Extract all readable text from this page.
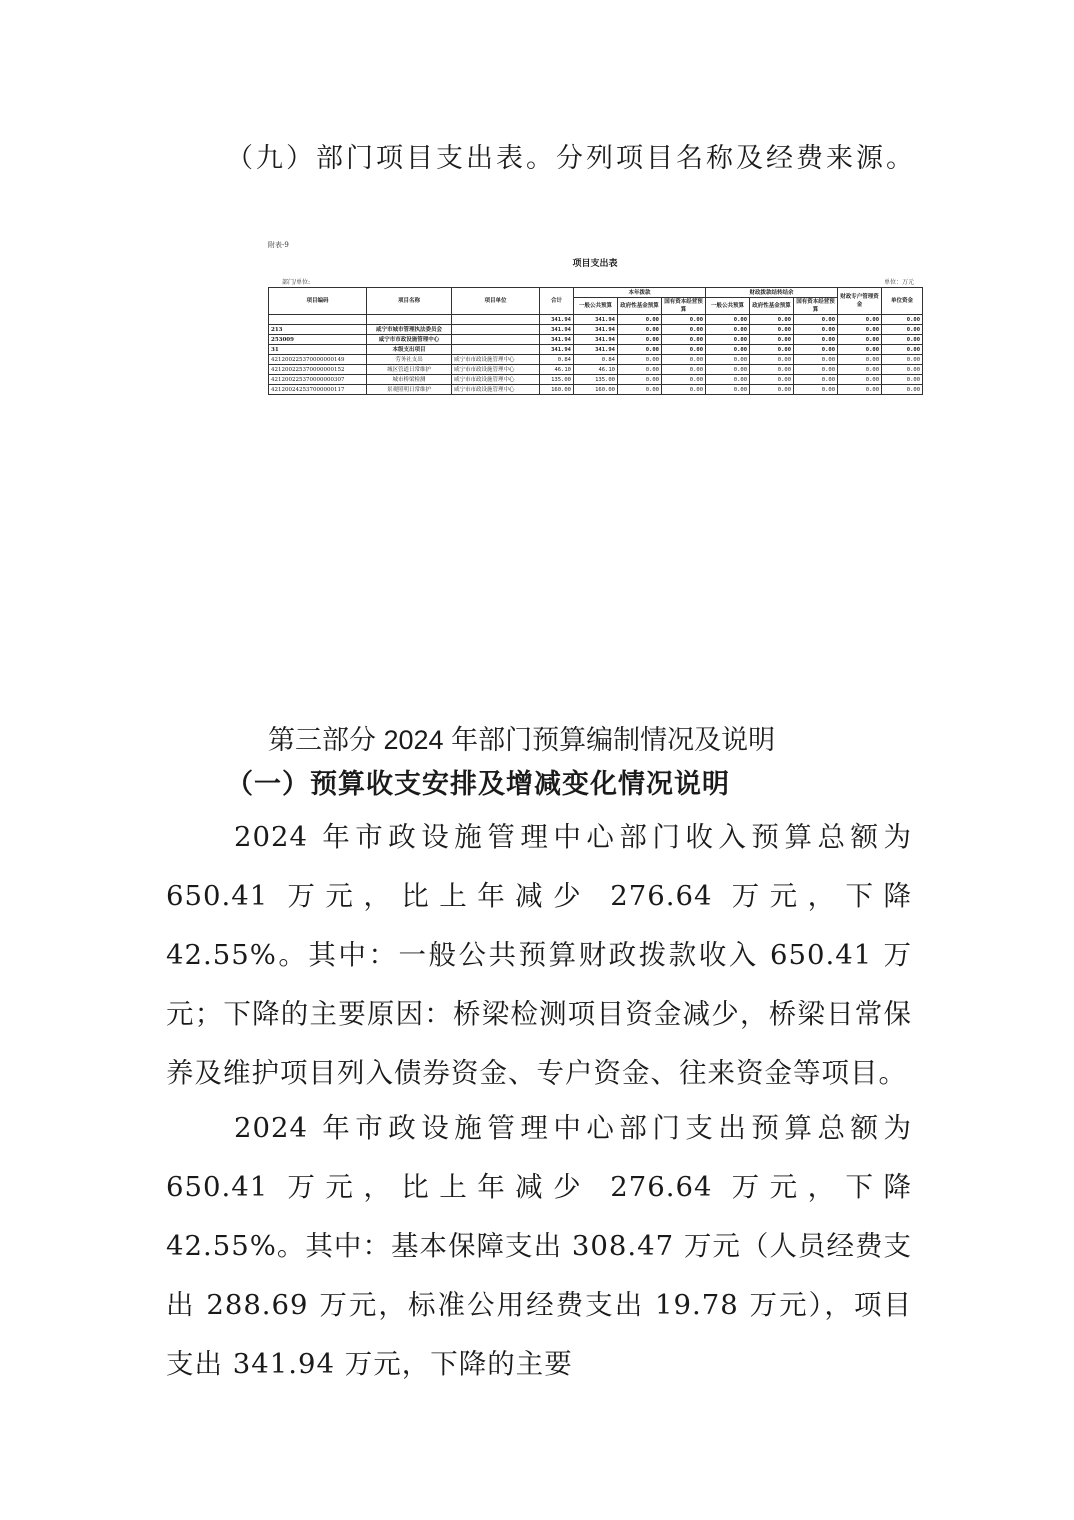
（九）部门项目支出表。分列项目名称及经费来源。
附表-9
项目支出表
部门/单位:	单位：万元
项目编码	项目名称	项目单位	合计	本年拨款			财政拨款结转结余			财政专户管理资金	单位资金
				一般公共预算	政府性基金预算	国有资本经营预算	一般公共预算	政府性基金预算	国有资本经营预算		
			341.94	341.94	0.00	0.00	0.00	0.00	0.00	0.00	0.00
213	咸宁市城市管理执法委员会		341.94	341.94	0.00	0.00	0.00	0.00	0.00	0.00	0.00
253009	咸宁市市政设施管理中心		341.94	341.94	0.00	0.00	0.00	0.00	0.00	0.00	0.00
31	本级支出项目		341.94	341.94	0.00	0.00	0.00	0.00	0.00	0.00	0.00
421200225370000000149	劳务社支出	咸宁市市政设施管理中心	0.84	0.84	0.00	0.00	0.00	0.00	0.00	0.00	0.00
421200225370000000152	城区管道日常维护	咸宁市市政设施管理中心	46.10	46.10	0.00	0.00	0.00	0.00	0.00	0.00	0.00
421200225370000000307	城市桥梁检测	咸宁市市政设施管理中心	135.00	135.00	0.00	0.00	0.00	0.00	0.00	0.00	0.00
421200242537000000117	景观照明日常维护	咸宁市市政设施管理中心	160.00	160.00	0.00	0.00	0.00	0.00	0.00	0.00	0.00
第三部分 2024 年部门预算编制情况及说明
（一）预算收支安排及增减变化情况说明

2024 年市政设施管理中心部门收入预算总额为 650.41 万元，比上年减少 276.64 万元，下降 42.55%。其中：一般公共预算财政拨款收入 650.41 万元；下降的主要原因：桥梁检测项目资金减少，桥梁日常保养及维护项目列入债券资金、专户资金、往来资金等项目。

2024 年市政设施管理中心部门支出预算总额为 650.41 万元，比上年减少 276.64 万元，下降 42.55%。其中：基本保障支出 308.47 万元（人员经费支出 288.69 万元，标准公用经费支出 19.78 万元），项目支出 341.94 万元，下降的主要
